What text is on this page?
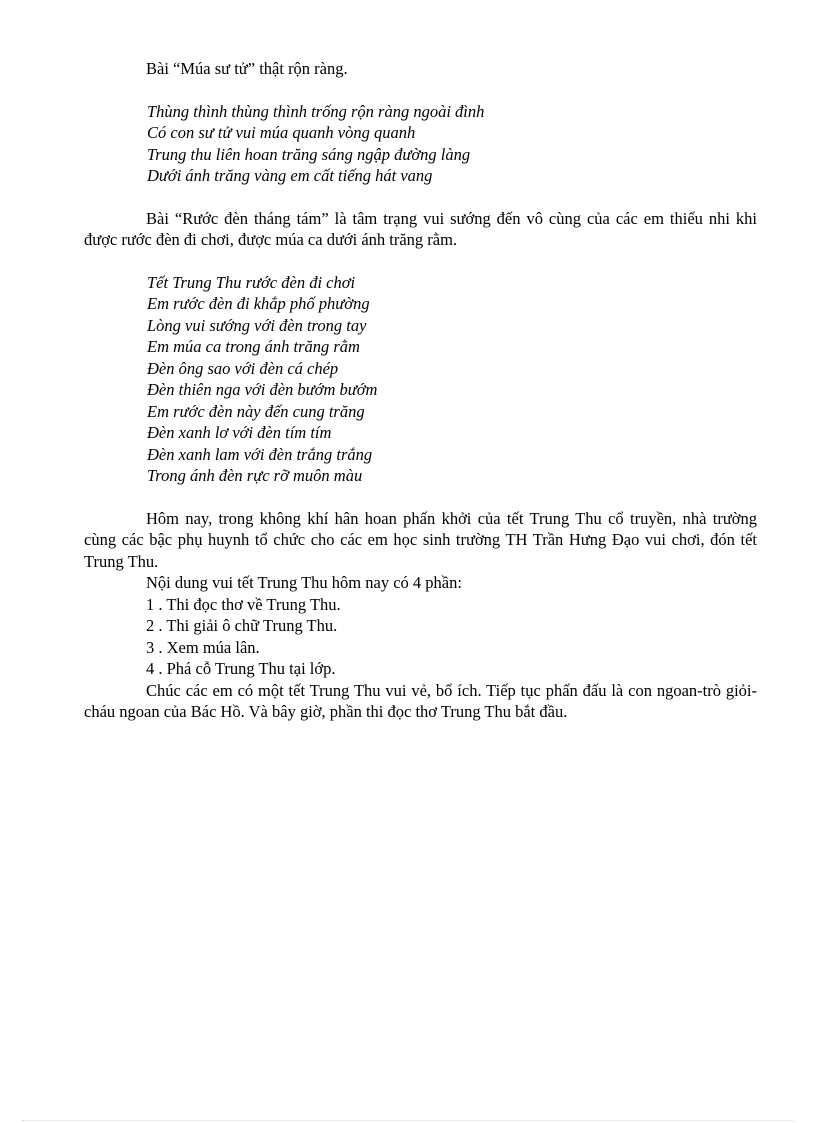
Bài “Múa sư tử” thật rộn ràng.

Thùng thình thùng thình trống rộn ràng ngoài đình
Có con sư tử vui múa quanh vòng quanh
Trung thu liên hoan trăng sáng ngập đường làng
Dưới ánh trăng vàng em cất tiếng hát vang

Bài “Rước đèn tháng tám” là tâm trạng vui sướng đến vô cùng của các em thiếu nhi khi được rước đèn đi chơi, được múa ca dưới ánh trăng rằm.

Tết Trung Thu rước đèn đi chơi
Em rước đèn đi khắp phố phường
Lòng vui sướng với đèn trong tay
Em múa ca trong ánh trăng rằm
Đèn ông sao với đèn cá chép
Đèn thiên nga với đèn bướm bướm
Em rước đèn này đến cung trăng
Đèn xanh lơ với đèn tím tím
Đèn xanh lam với đèn trắng trắng
Trong ánh đèn rực rỡ muôn màu

Hôm nay, trong không khí hân hoan phấn khởi của tết Trung Thu cổ truyền, nhà trường cùng các bậc phụ huynh tổ chức cho các em học sinh trường TH Trần Hưng Đạo vui chơi, đón tết Trung Thu.

Nội dung vui tết Trung Thu hôm nay có 4 phần:

1 . Thi đọc thơ về Trung Thu.
2 . Thi giải ô chữ Trung Thu.
3 . Xem múa lân.
4 . Phá cỗ Trung Thu tại lớp.

Chúc các em có một tết Trung Thu vui vẻ, bổ ích. Tiếp tục phấn đấu là con ngoan-trò giỏi-cháu ngoan của Bác Hồ. Và bây giờ, phần thi đọc thơ Trung Thu bắt đầu.
